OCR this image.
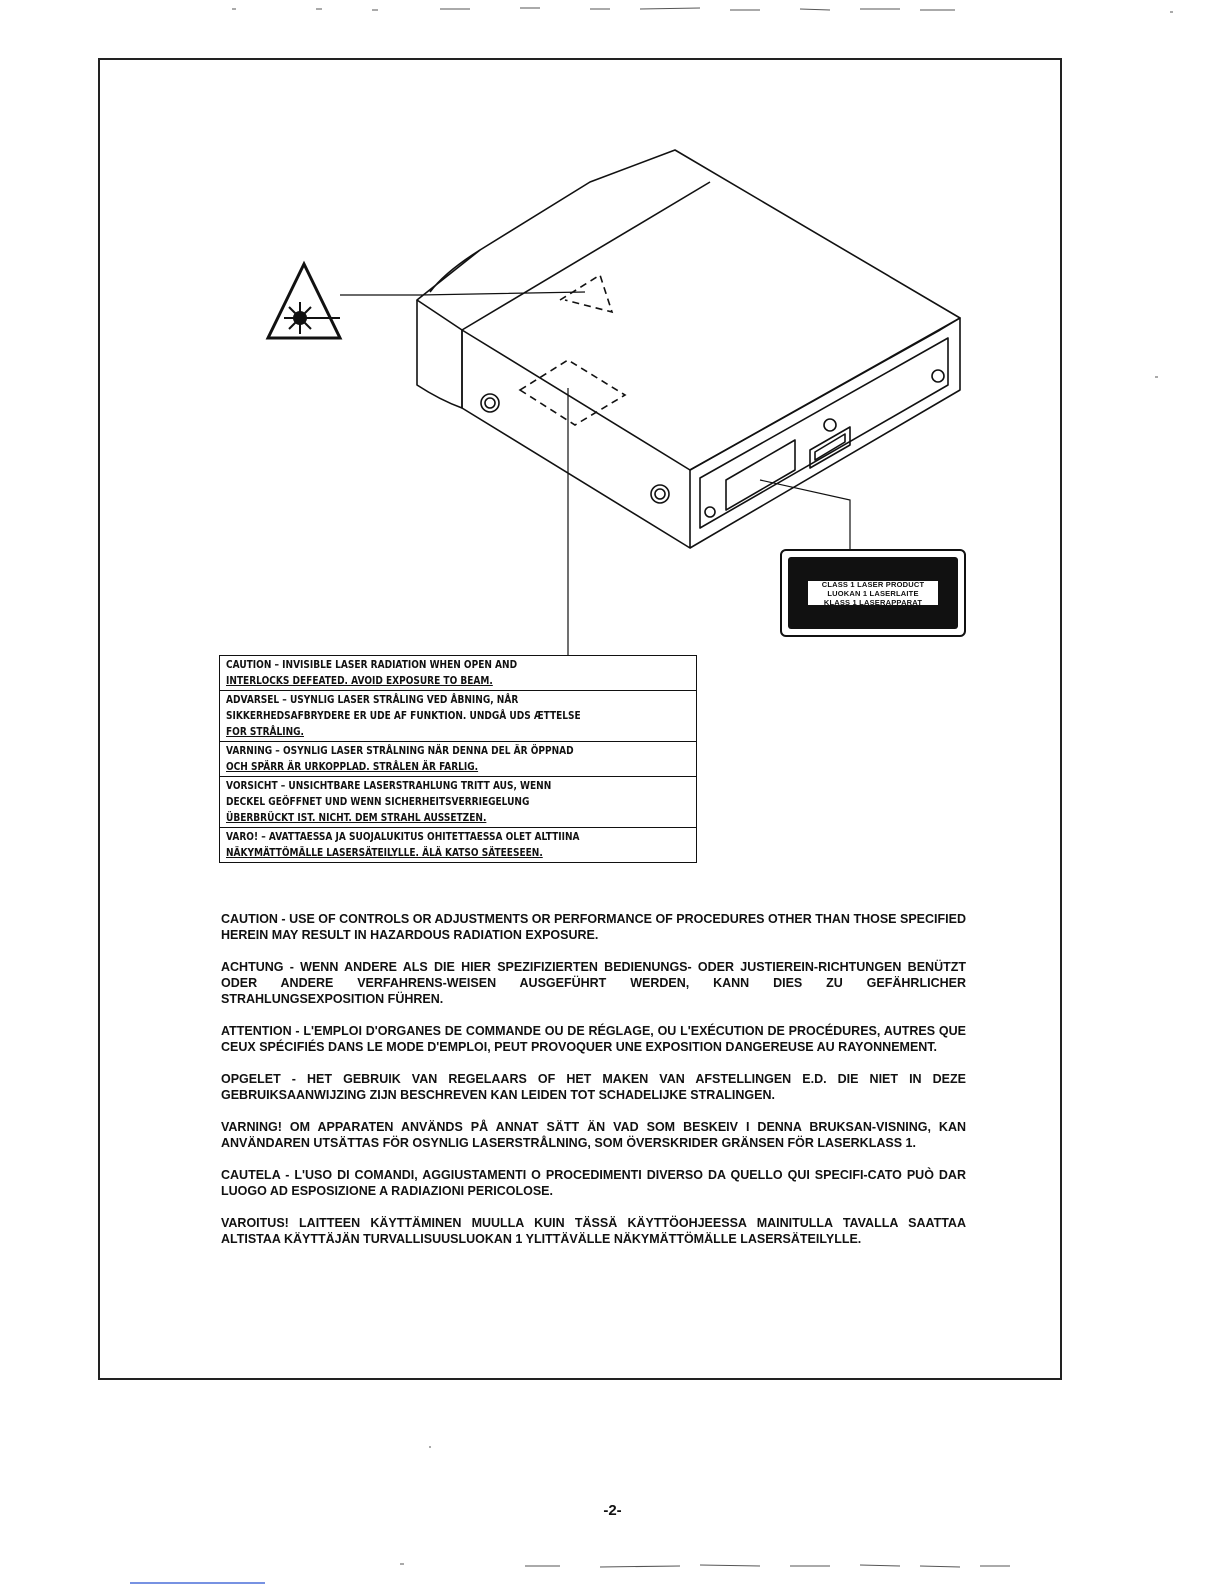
CLASS 1 LASER PRODUCT
LUOKAN 1 LASERLAITE
KLASS 1 LASERAPPARAT
CAUTION – INVISIBLE LASER RADIATION WHEN OPEN AND
INTERLOCKS DEFEATED. AVOID EXPOSURE TO BEAM.
ADVARSEL – USYNLIG LASER STRÅLING VED ÅBNING, NÅR
SIKKERHEDSAFBRYDERE ER UDE AF FUNKTION. UNDGÅ UDS ÆTTELSE
FOR STRÅLING.
VARNING – OSYNLIG LASER STRÅLNING NÄR DENNA DEL ÄR ÖPPNAD
OCH SPÄRR ÄR URKOPPLAD. STRÅLEN ÄR FARLIG.
VORSICHT – UNSICHTBARE LASERSTRAHLUNG TRITT AUS, WENN
DECKEL GEÖFFNET UND WENN SICHERHEITSVERRIEGELUNG
ÜBERBRÜCKT IST. NICHT. DEM STRAHL AUSSETZEN.
VARO! – AVATTAESSA JA SUOJALUKITUS OHITETTAESSA OLET ALTTIINA
NÄKYMÄTTÖMÄLLE LASERSÄTEILYLLE. ÄLÄ KATSO SÄTEESEEN.

CAUTION - USE OF CONTROLS OR ADJUSTMENTS OR PERFORMANCE OF PROCEDURES OTHER THAN THOSE SPECIFIED HEREIN MAY RESULT IN HAZARDOUS RADIATION EXPOSURE.

ACHTUNG - WENN ANDERE ALS DIE HIER SPEZIFIZIERTEN BEDIENUNGS- ODER JUSTIEREIN-RICHTUNGEN BENÜTZT ODER ANDERE VERFAHRENS-WEISEN AUSGEFÜHRT WERDEN, KANN DIES ZU GEFÄHRLICHER STRAHLUNGSEXPOSITION FÜHREN.

ATTENTION - L'EMPLOI D'ORGANES DE COMMANDE OU DE RÉGLAGE, OU L'EXÉCUTION DE PROCÉDURES, AUTRES QUE CEUX SPÉCIFIÉS DANS LE MODE D'EMPLOI, PEUT PROVOQUER UNE EXPOSITION DANGEREUSE AU RAYONNEMENT.

OPGELET - HET GEBRUIK VAN REGELAARS OF HET MAKEN VAN AFSTELLINGEN E.D. DIE NIET IN DEZE GEBRUIKSAANWIJZING ZIJN BESCHREVEN KAN LEIDEN TOT SCHADELIJKE STRALINGEN.

VARNING! OM APPARATEN ANVÄNDS PÅ ANNAT SÄTT ÄN VAD SOM BESKEIV I DENNA BRUKSAN-VISNING, KAN ANVÄNDAREN UTSÄTTAS FÖR OSYNLIG LASERSTRÅLNING, SOM ÖVERSKRIDER GRÄNSEN FÖR LASERKLASS 1.

CAUTELA - L'USO DI COMANDI, AGGIUSTAMENTI O PROCEDIMENTI DIVERSO DA QUELLO QUI SPECIFI-CATO PUÒ DAR LUOGO AD ESPOSIZIONE A RADIAZIONI PERICOLOSE.

VAROITUS! LAITTEEN KÄYTTÄMINEN MUULLA KUIN TÄSSÄ KÄYTTÖOHJEESSA MAINITULLA TAVALLA SAATTAA ALTISTAA KÄYTTÄJÄN TURVALLISUUSLUOKAN 1 YLITTÄVÄLLE NÄKYMÄTTÖMÄLLE LASERSÄTEILYLLE.

-2-
